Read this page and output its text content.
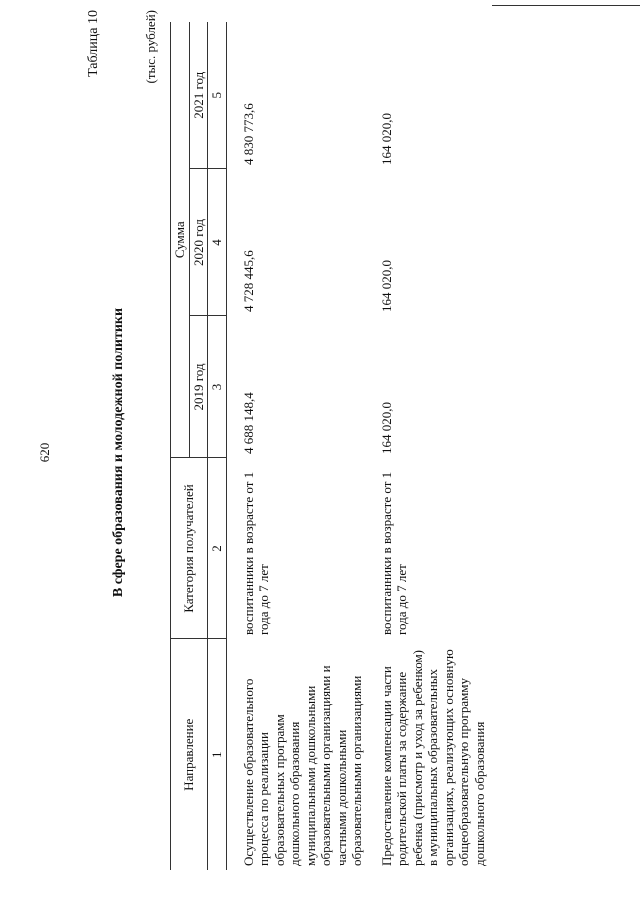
620
Таблица 10
В сфере образования и молодежной политики
(тыс. рублей)
Направление	Категория получателей	Сумма		
		2019 год	2020 год	2021 год
1	2	3	4	5

Осуществление образовательного процесса по реализации образовательных программ дошкольного образования муниципальными дошкольными образовательными организациями и частными дошкольными образовательными организациями	воспитанники в возрасте от 1 года до 7 лет	4 688 148,4	4 728 445,6	4 830 773,6

Предоставление компенсации части родительской платы за содержание ребенка (присмотр и уход за ребенком) в муниципальных образовательных организациях, реализующих основную общеобразовательную программу дошкольного образования	воспитанники в возрасте от 1 года до 7 лет	164 020,0	164 020,0	164 020,0
